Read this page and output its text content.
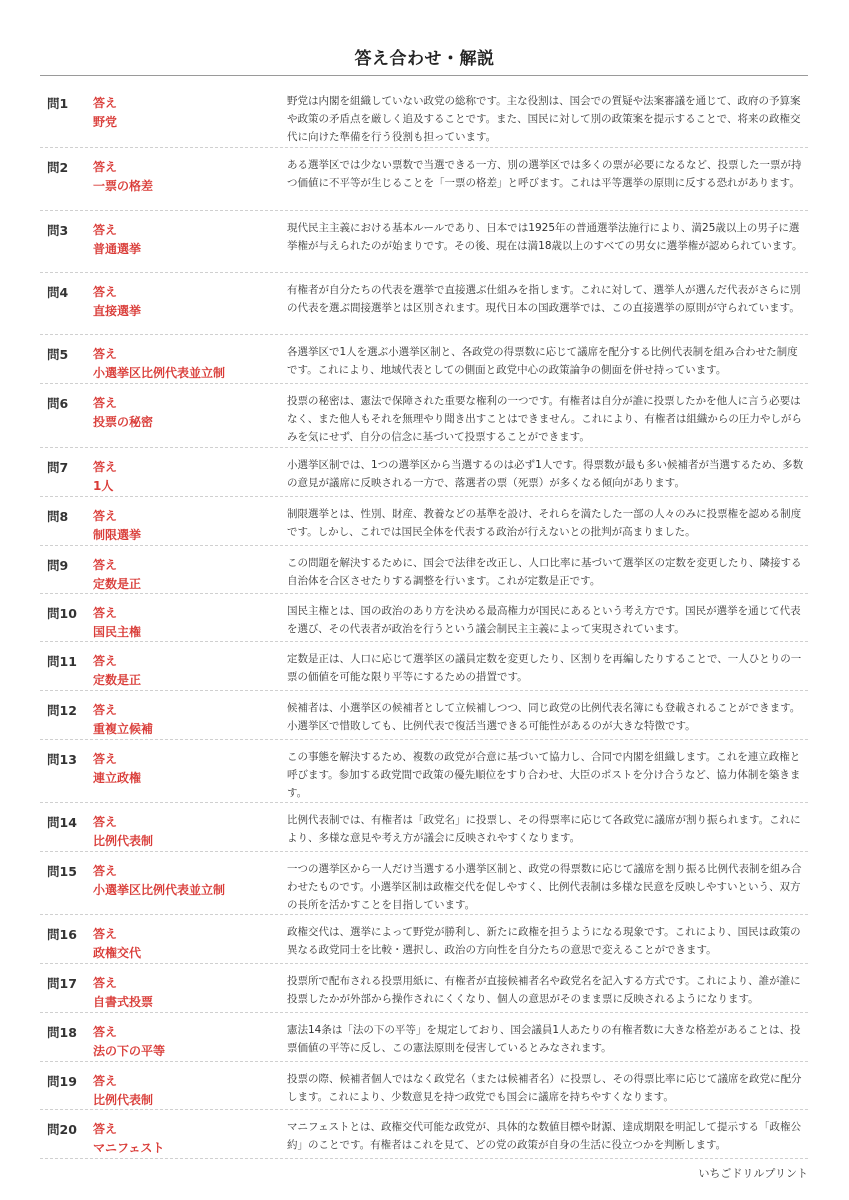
答え合わせ・解説
問1 答え
野党
野党は内閣を組織していない政党の総称です。主な役割は、国会での質疑や法案審議を通じて、政府の予算案や政策の矛盾点を厳しく追及することです。また、国民に対して別の政策案を提示することで、将来の政権交代に向けた準備を行う役割も担っています。
問2 答え
一票の格差
ある選挙区では少ない票数で当選できる一方、別の選挙区では多くの票が必要になるなど、投票した一票が持つ価値に不平等が生じることを「一票の格差」と呼びます。これは平等選挙の原則に反する恐れがあります。
問3 答え
普通選挙
現代民主主義における基本ルールであり、日本では1925年の普通選挙法施行により、満25歳以上の男子に選挙権が与えられたのが始まりです。その後、現在は満18歳以上のすべての男女に選挙権が認められています。
問4 答え
直接選挙
有権者が自分たちの代表を選挙で直接選ぶ仕組みを指します。これに対して、選挙人が選んだ代表がさらに別の代表を選ぶ間接選挙とは区別されます。現代日本の国政選挙では、この直接選挙の原則が守られています。
問5 答え
小選挙区比例代表並立制
各選挙区で1人を選ぶ小選挙区制と、各政党の得票数に応じて議席を配分する比例代表制を組み合わせた制度です。これにより、地域代表としての側面と政党中心の政策論争の側面を併せ持っています。
問6 答え
投票の秘密
投票の秘密は、憲法で保障された重要な権利の一つです。有権者は自分が誰に投票したかを他人に言う必要はなく、また他人もそれを無理やり聞き出すことはできません。これにより、有権者は組織からの圧力やしがらみを気にせず、自分の信念に基づいて投票することができます。
問7 答え
1人
小選挙区制では、1つの選挙区から当選するのは必ず1人です。得票数が最も多い候補者が当選するため、多数の意見が議席に反映される一方で、落選者の票（死票）が多くなる傾向があります。
問8 答え
制限選挙
制限選挙とは、性別、財産、教養などの基準を設け、それらを満たした一部の人々のみに投票権を認める制度です。しかし、これでは国民全体を代表する政治が行えないとの批判が高まりました。
問9 答え
定数是正
この問題を解決するために、国会で法律を改正し、人口比率に基づいて選挙区の定数を変更したり、隣接する自治体を合区させたりする調整を行います。これが定数是正です。
問10 答え
国民主権
国民主権とは、国の政治のあり方を決める最高権力が国民にあるという考え方です。国民が選挙を通じて代表を選び、その代表者が政治を行うという議会制民主主義によって実現されています。
問11 答え
定数是正
定数是正は、人口に応じて選挙区の議員定数を変更したり、区割りを再編したりすることで、一人ひとりの一票の価値を可能な限り平等にするための措置です。
問12 答え
重複立候補
候補者は、小選挙区の候補者として立候補しつつ、同じ政党の比例代表名簿にも登載されることができます。小選挙区で惜敗しても、比例代表で復活当選できる可能性があるのが大きな特徴です。
問13 答え
連立政権
この事態を解決するため、複数の政党が合意に基づいて協力し、合同で内閣を組織します。これを連立政権と呼びます。参加する政党間で政策の優先順位をすり合わせ、大臣のポストを分け合うなど、協力体制を築きます。
問14 答え
比例代表制
比例代表制では、有権者は「政党名」に投票し、その得票率に応じて各政党に議席が割り振られます。これにより、多様な意見や考え方が議会に反映されやすくなります。
問15 答え
小選挙区比例代表並立制
一つの選挙区から一人だけ当選する小選挙区制と、政党の得票数に応じて議席を割り振る比例代表制を組み合わせたものです。小選挙区制は政権交代を促しやすく、比例代表制は多様な民意を反映しやすいという、双方の長所を活かすことを目指しています。
問16 答え
政権交代
政権交代は、選挙によって野党が勝利し、新たに政権を担うようになる現象です。これにより、国民は政策の異なる政党同士を比較・選択し、政治の方向性を自分たちの意思で変えることができます。
問17 答え
自書式投票
投票所で配布される投票用紙に、有権者が直接候補者名や政党名を記入する方式です。これにより、誰が誰に投票したかが外部から操作されにくくなり、個人の意思がそのまま票に反映されるようになります。
問18 答え
法の下の平等
憲法14条は「法の下の平等」を規定しており、国会議員1人あたりの有権者数に大きな格差があることは、投票価値の平等に反し、この憲法原則を侵害しているとみなされます。
問19 答え
比例代表制
投票の際、候補者個人ではなく政党名（または候補者名）に投票し、その得票比率に応じて議席を政党に配分します。これにより、少数意見を持つ政党でも国会に議席を持ちやすくなります。
問20 答え
マニフェスト
マニフェストとは、政権交代可能な政党が、具体的な数値目標や財源、達成期限を明記して提示する「政権公約」のことです。有権者はこれを見て、どの党の政策が自身の生活に役立つかを判断します。
いちごドリルプリント
